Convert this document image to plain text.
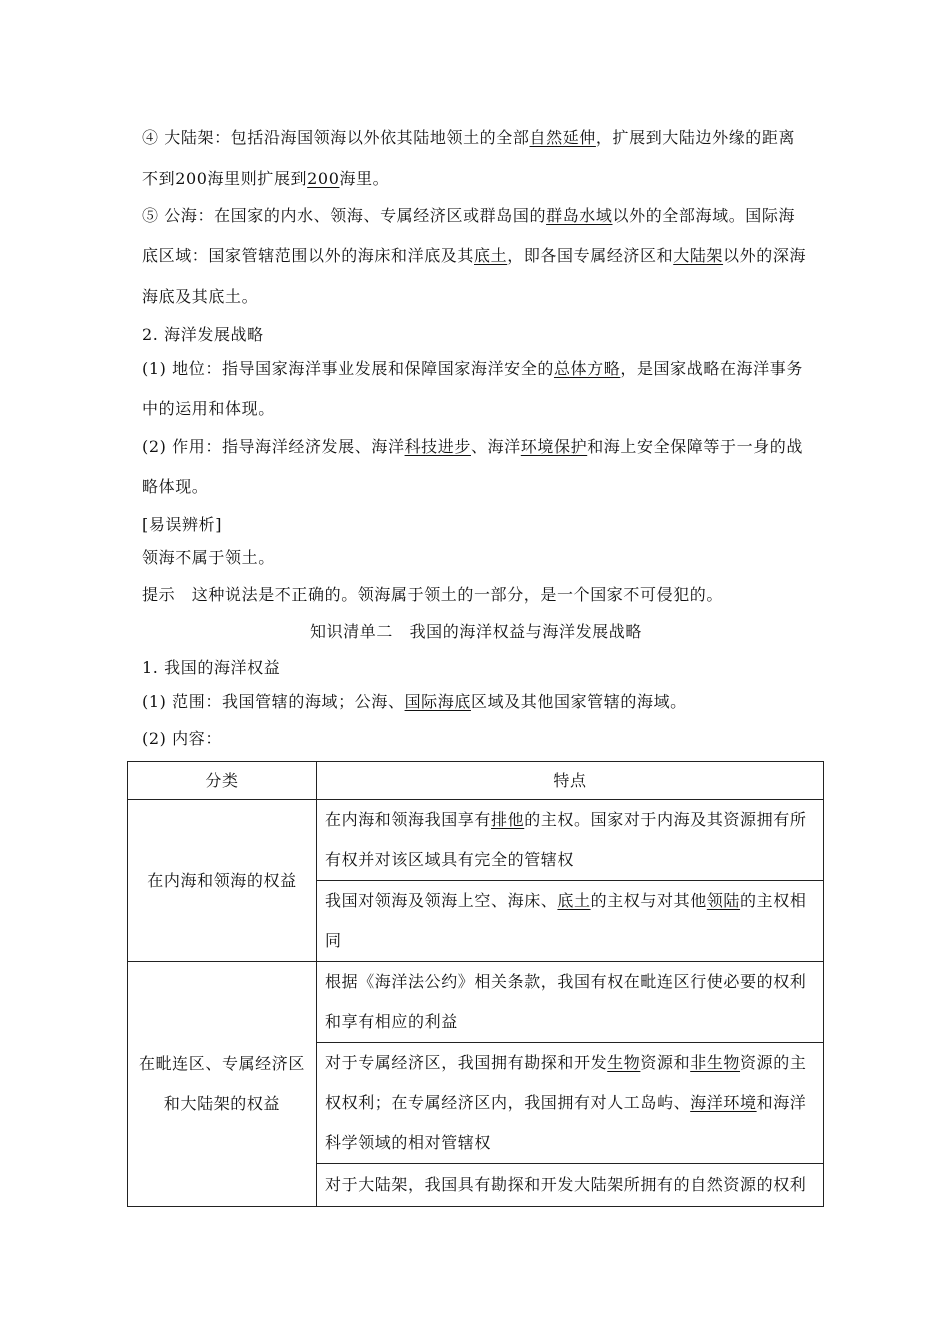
④ 大陆架：包括沿海国领海以外依其陆地领土的全部自然延伸，扩展到大陆边外缘的距离
不到200海里则扩展到200海里。
⑤ 公海：在国家的内水、领海、专属经济区或群岛国的群岛水域以外的全部海域。国际海
底区域：国家管辖范围以外的海床和洋底及其底土，即各国专属经济区和大陆架以外的深海
海底及其底土。
2. 海洋发展战略
(1) 地位：指导国家海洋事业发展和保障国家海洋安全的总体方略，是国家战略在海洋事务
中的运用和体现。
(2) 作用：指导海洋经济发展、海洋科技进步、海洋环境保护和海上安全保障等于一身的战
略体现。
[易误辨析]
领海不属于领土。
提示　这种说法是不正确的。领海属于领土的一部分，是一个国家不可侵犯的。
知识清单二　我国的海洋权益与海洋发展战略
1. 我国的海洋权益
(1) 范围：我国管辖的海域；公海、国际海底区域及其他国家管辖的海域。
(2) 内容：
分类	特点
在内海和领海的权益	在内海和领海我国享有排他的主权。国家对于内海及其资源拥有所
有权并对该区域具有完全的管辖权

	我国对领海及领海上空、海床、底土的主权与对其他领陆的主权相
同

在毗连区、专属经济区
和大陆架的权益	根据《海洋法公约》相关条款，我国有权在毗连区行使必要的权利
和享有相应的利益

	对于专属经济区，我国拥有勘探和开发生物资源和非生物资源的主
权权利；在专属经济区内，我国拥有对人工岛屿、海洋环境和海洋
科学领域的相对管辖权

	对于大陆架，我国具有勘探和开发大陆架所拥有的自然资源的权利
